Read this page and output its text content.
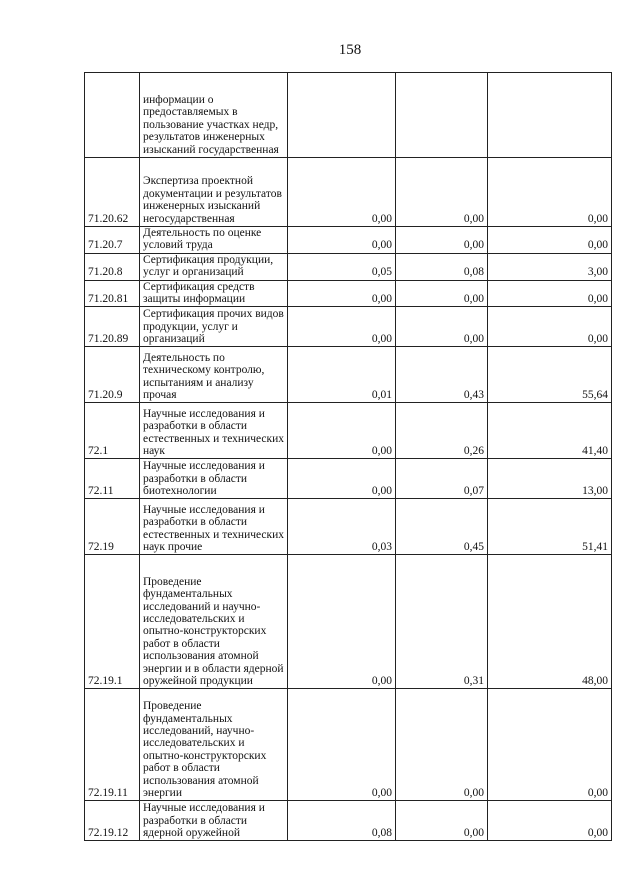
158
	информации о предоставляемых в пользование участках недр, результатов инженерных изысканий государственная			
71.20.62	Экспертиза проектной документации и результатов инженерных изысканий негосударственная	0,00	0,00	0,00
71.20.7	Деятельность по оценке условий труда	0,00	0,00	0,00
71.20.8	Сертификация продукции, услуг и организаций	0,05	0,08	3,00
71.20.81	Сертификация средств защиты информации	0,00	0,00	0,00
71.20.89	Сертификация прочих видов продукции, услуг и организаций	0,00	0,00	0,00
71.20.9	Деятельность по техническому контролю, испытаниям и анализу прочая	0,01	0,43	55,64
72.1	Научные исследования и разработки в области естественных и технических наук	0,00	0,26	41,40
72.11	Научные исследования и разработки в области биотехнологии	0,00	0,07	13,00
72.19	Научные исследования и разработки в области естественных и технических наук прочие	0,03	0,45	51,41
72.19.1	Проведение фундаментальных исследований и научно-исследовательских и опытно-конструкторских работ в области использования атомной энергии и в области ядерной оружейной продукции	0,00	0,31	48,00
72.19.11	Проведение фундаментальных исследований, научно-исследовательских и опытно-конструкторских работ в области использования атомной энергии	0,00	0,00	0,00
72.19.12	Научные исследования и разработки в области ядерной оружейной	0,08	0,00	0,00
